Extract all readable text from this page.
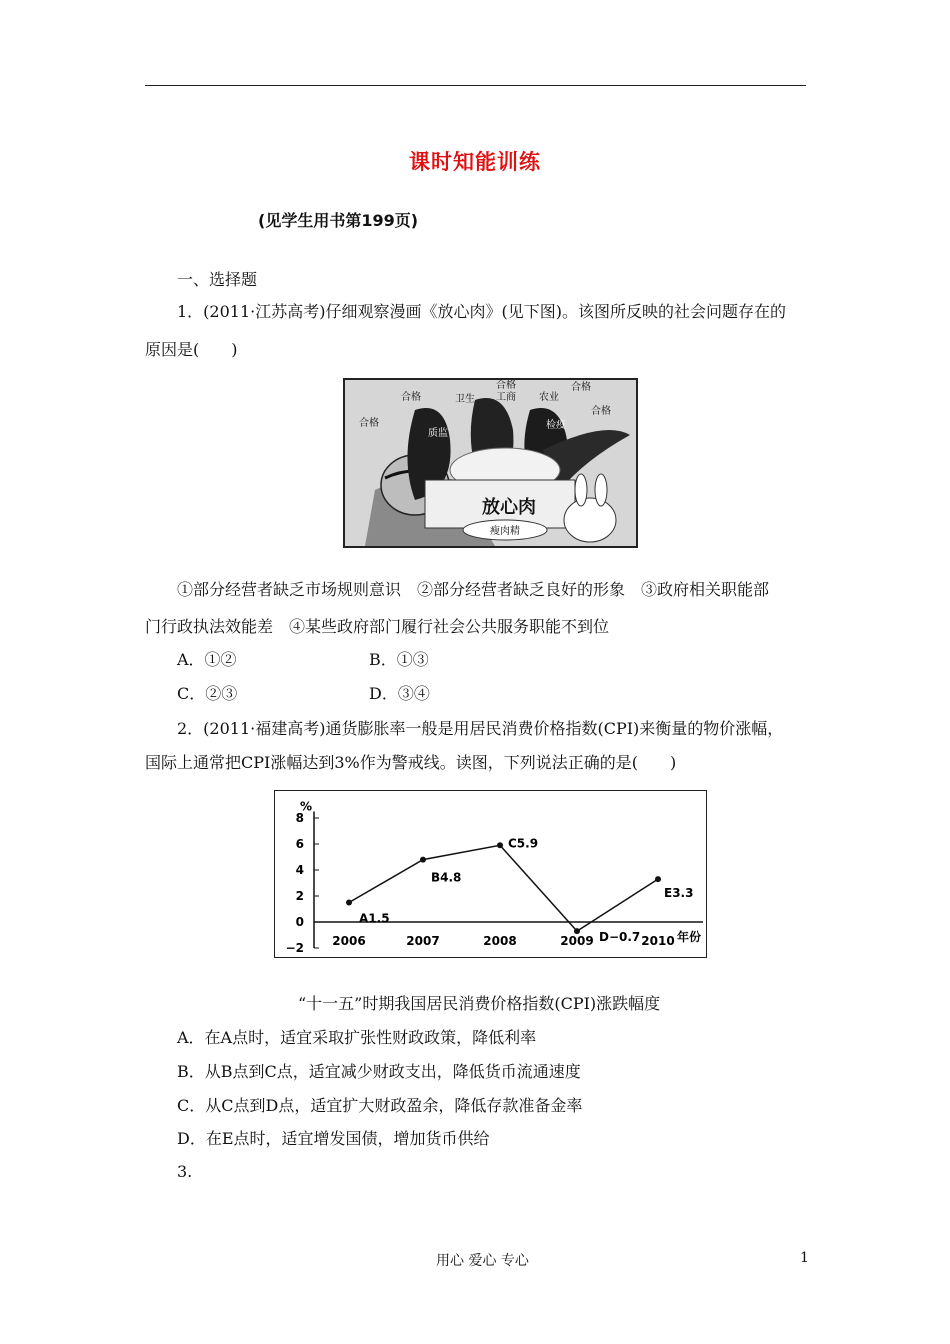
课时知能训练
(见学生用书第199页)
一、选择题
1．(2011·江苏高考)仔细观察漫画《放心肉》(见下图)。该图所反映的社会问题存在的
原因是(　　)
合格	卫生
合格
工商 农业
合格
合格
合格
质监
检疫
放心肉
瘦肉精
①部分经营者缺乏市场规则意识　②部分经营者缺乏良好的形象　③政府相关职能部
门行政执法效能差　④某些政府部门履行社会公共服务职能不到位
A．①②	B．①③
C．②③	D．③④
2．(2011·福建高考)通货膨胀率一般是用居民消费价格指数(CPI)来衡量的物价涨幅，
国际上通常把CPI涨幅达到3%作为警戒线。读图，下列说法正确的是(　　)
%
−2
0
2
4
6
8
2006	2007	2008	2009	2010 年份
A1.5
B4.8
C5.9
D−0.7
E3.3
“十一五”时期我国居民消费价格指数(CPI)涨跌幅度
A．在A点时，适宜采取扩张性财政政策，降低利率
B．从B点到C点，适宜减少财政支出，降低货币流通速度
C．从C点到D点，适宜扩大财政盈余，降低存款准备金率
D．在E点时，适宜增发国债，增加货币供给
3.
用心 爱心 专心	1
